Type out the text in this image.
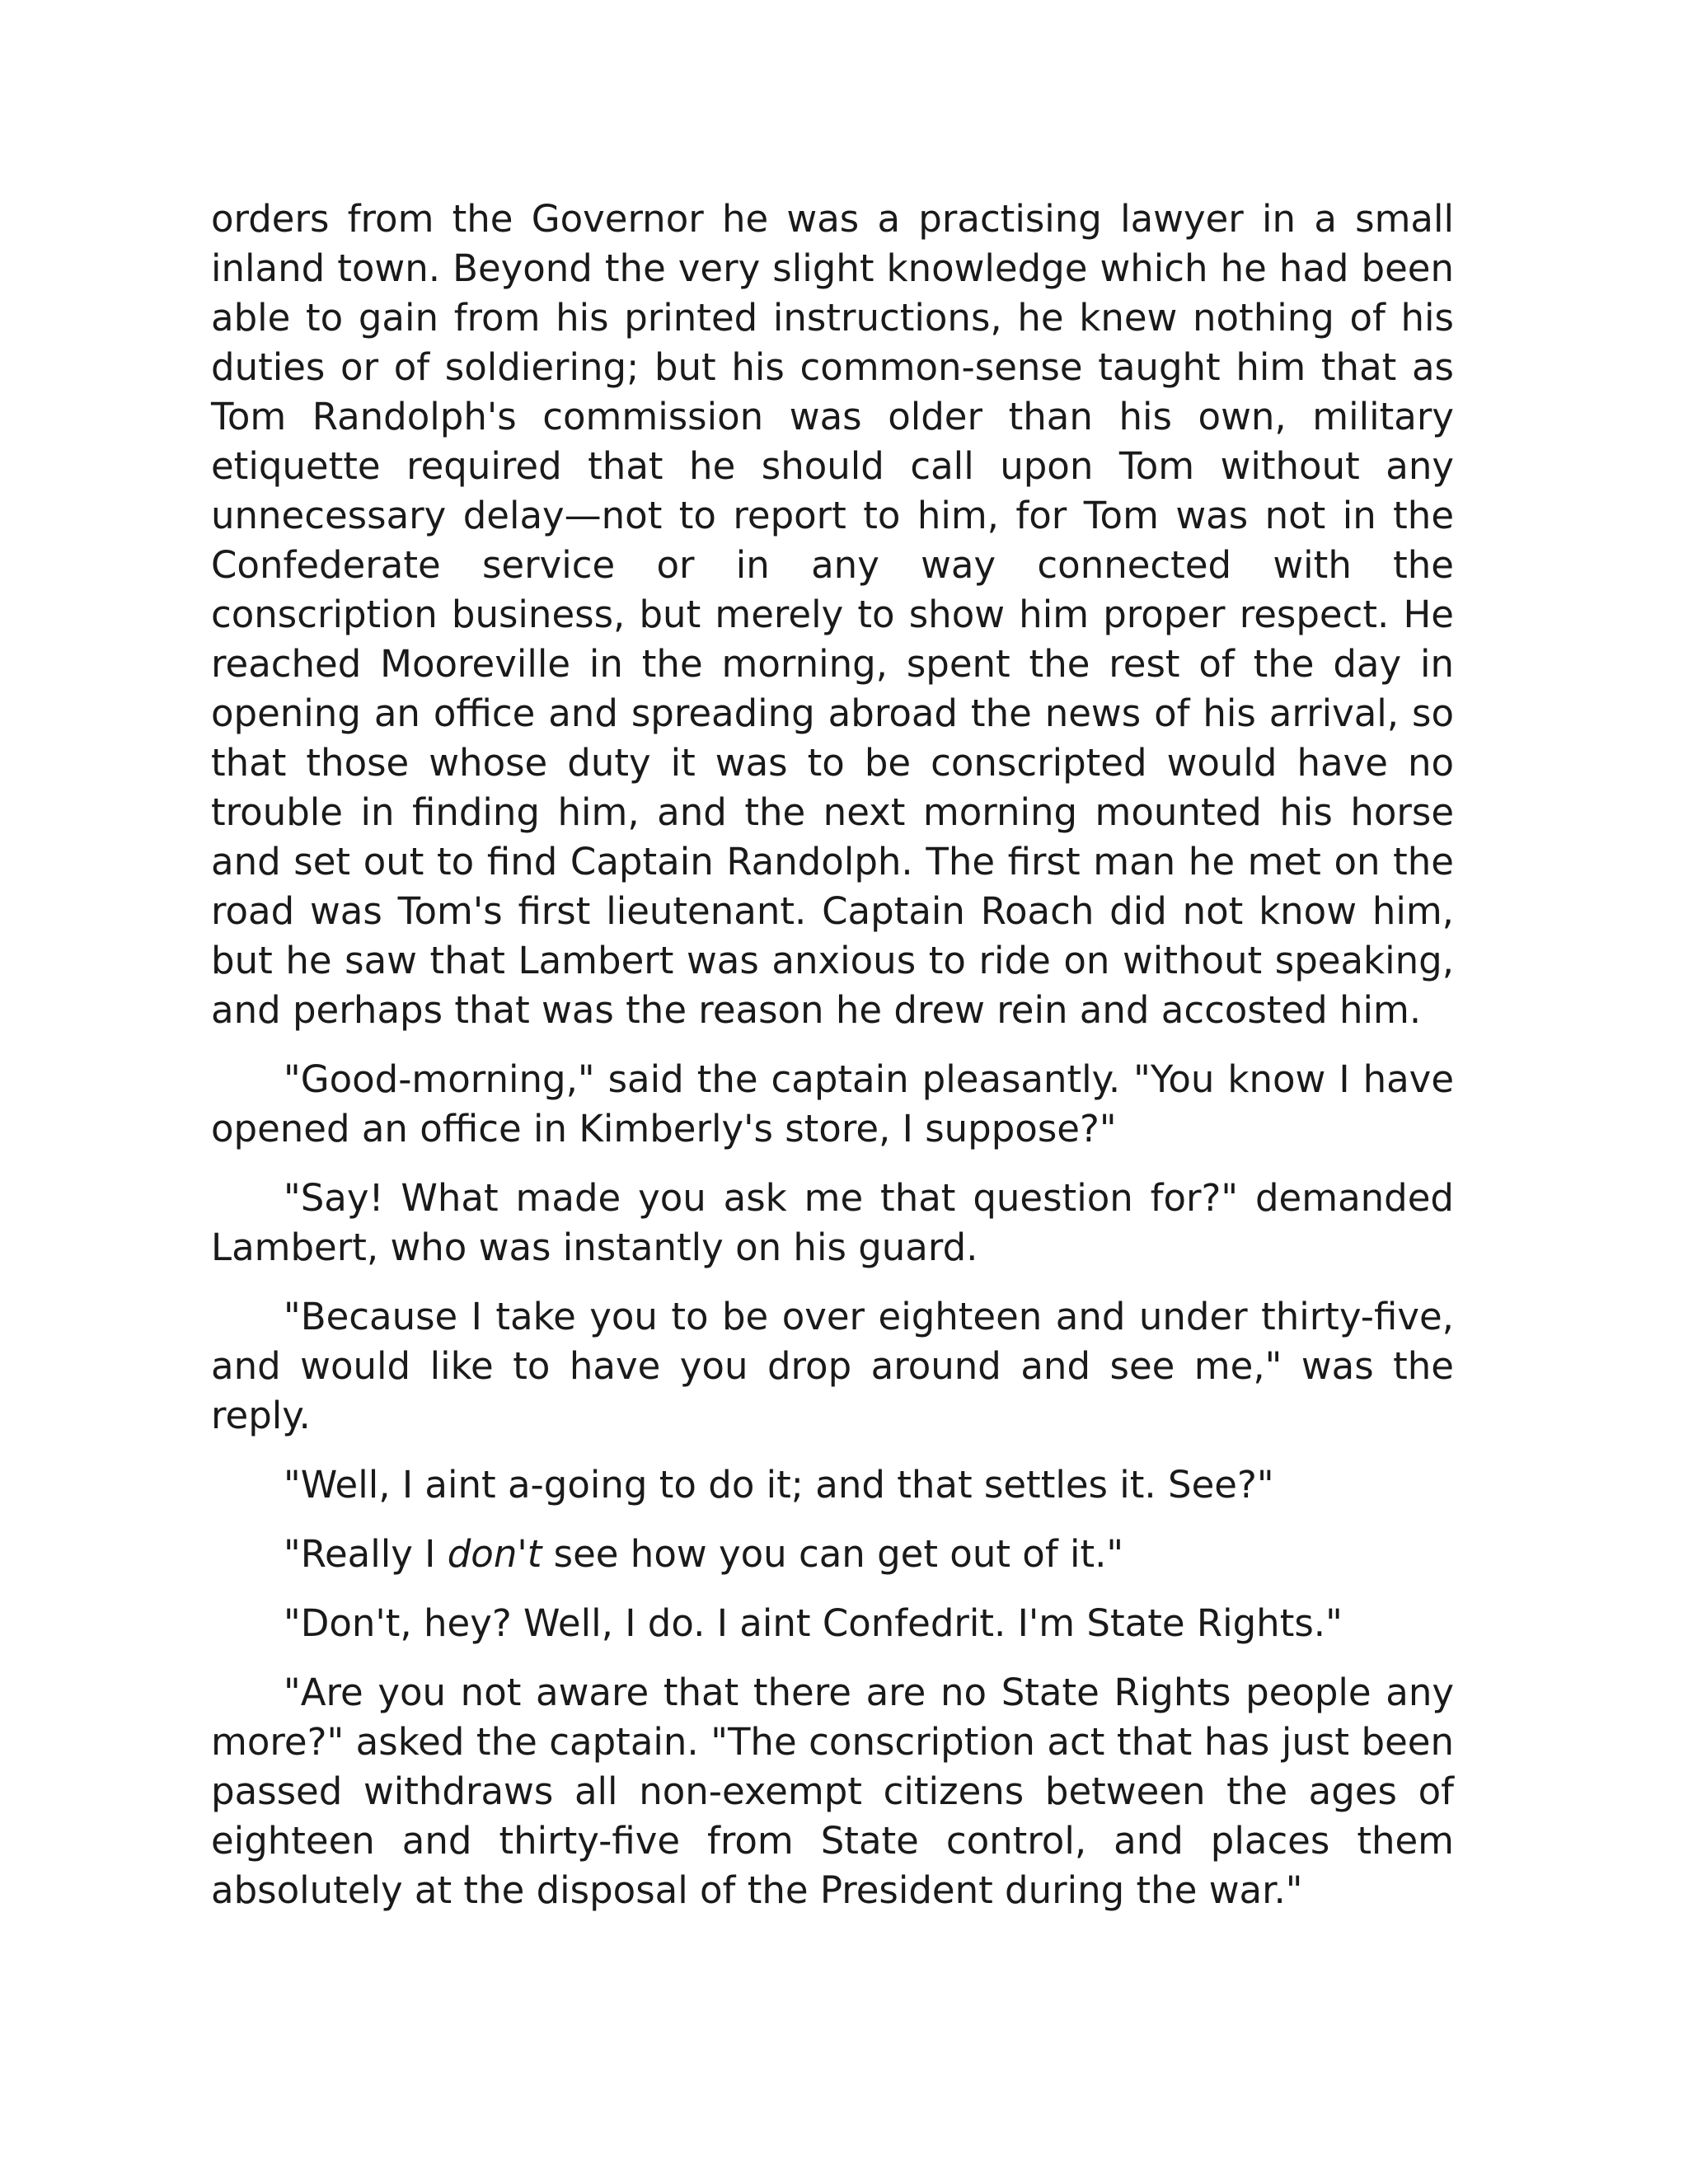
orders from the Governor he was a practising lawyer in a small inland town. Beyond the very slight knowledge which he had been able to gain from his printed instructions, he knew nothing of his duties or of soldiering; but his common-sense taught him that as Tom Randolph's commission was older than his own, military etiquette required that he should call upon Tom without any unnecessary delay—not to report to him, for Tom was not in the Confederate service or in any way connected with the conscription business, but merely to show him proper respect. He reached Mooreville in the morning, spent the rest of the day in opening an office and spreading abroad the news of his arrival, so that those whose duty it was to be conscripted would have no trouble in finding him, and the next morning mounted his horse and set out to find Captain Randolph. The first man he met on the road was Tom's first lieutenant. Captain Roach did not know him, but he saw that Lambert was anxious to ride on without speaking, and perhaps that was the reason he drew rein and accosted him.

"Good-morning," said the captain pleasantly. "You know I have opened an office in Kimberly's store, I suppose?"

"Say! What made you ask me that question for?" demanded Lambert, who was instantly on his guard.

"Because I take you to be over eighteen and under thirty-five, and would like to have you drop around and see me," was the reply.

"Well, I aint a-going to do it; and that settles it. See?"

"Really I don't see how you can get out of it."

"Don't, hey? Well, I do. I aint Confedrit. I'm State Rights."

"Are you not aware that there are no State Rights people any more?" asked the captain. "The conscription act that has just been passed withdraws all non-exempt citizens between the ages of eighteen and thirty-five from State control, and places them absolutely at the disposal of the President during the war."
